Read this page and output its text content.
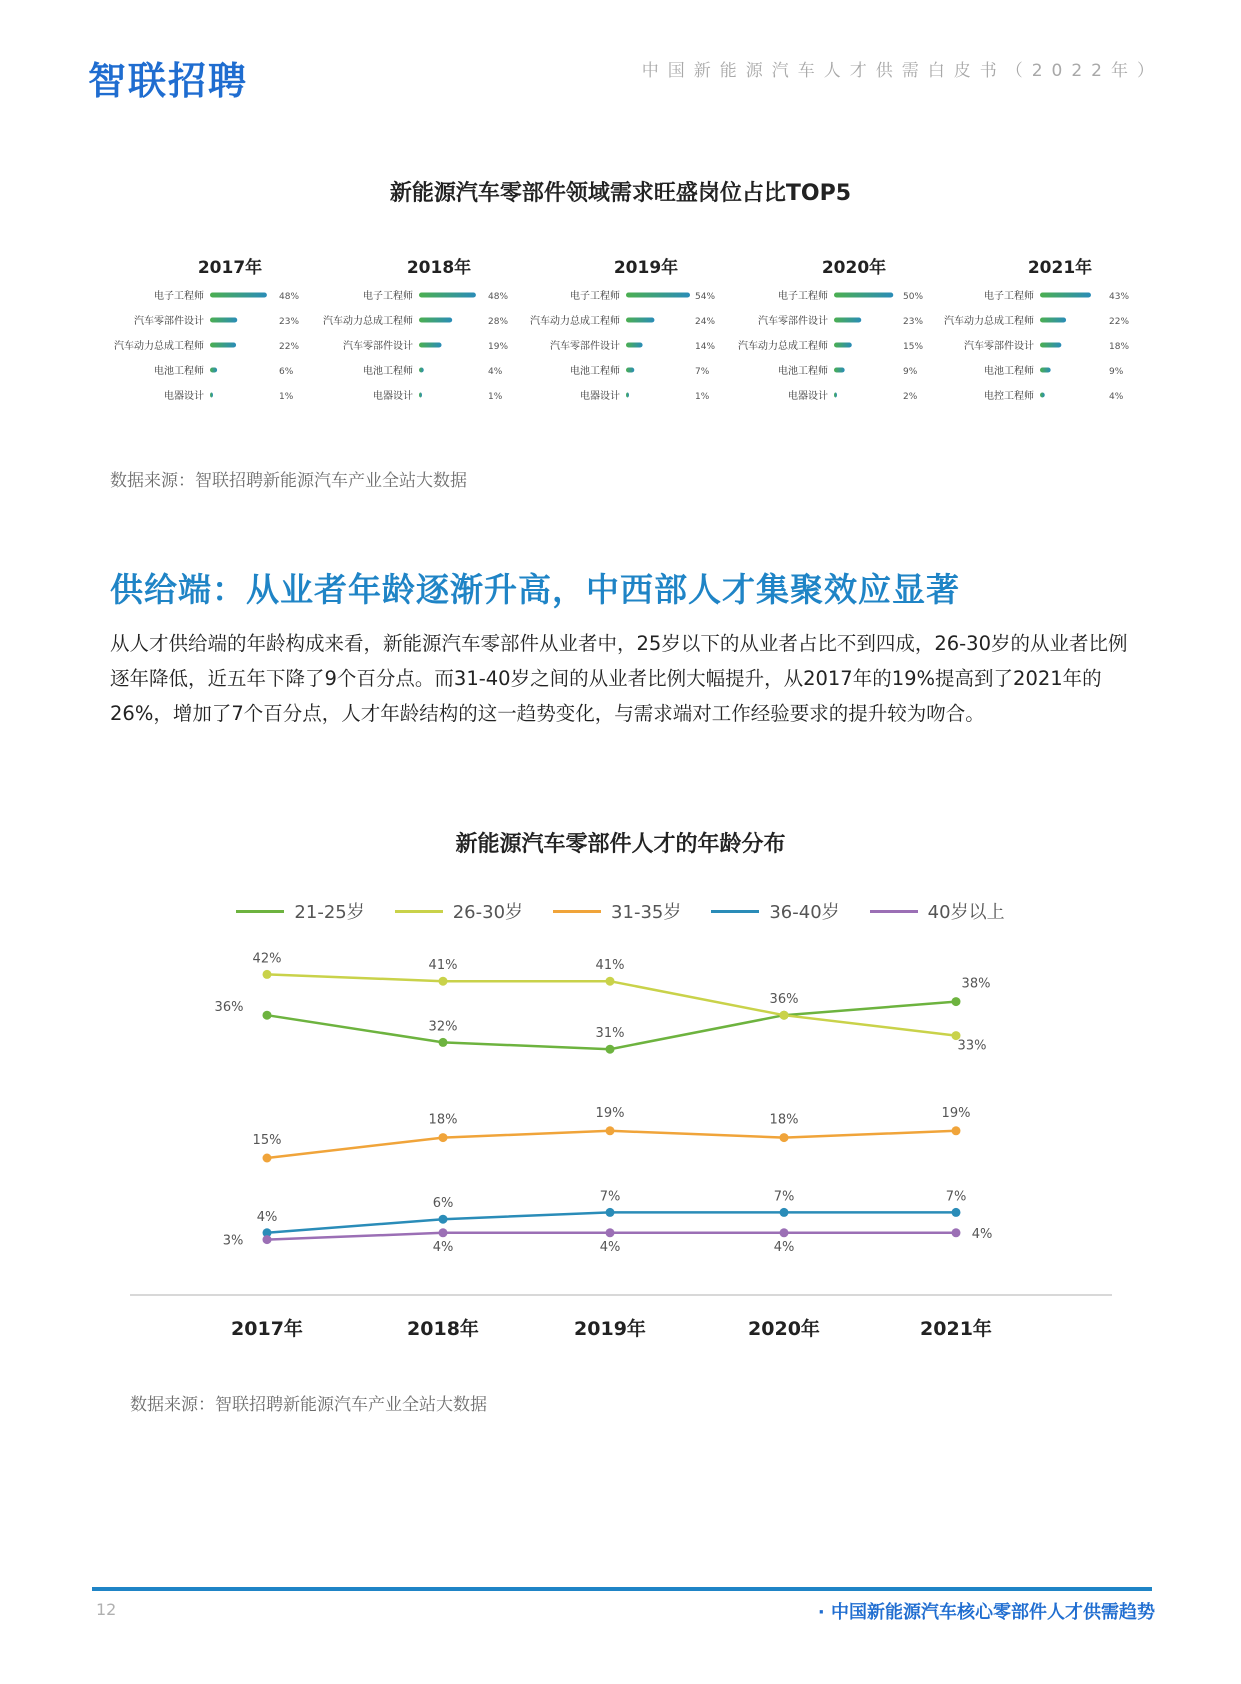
智联招聘	中国新能源汽车人才供需白皮书（2022年）
新能源汽车零部件领域需求旺盛岗位占比TOP5
2017年
电子工程师	48%
汽车零部件设计	23%
汽车动力总成工程师	22%
电池工程师	6%
电器设计	1%
2018年
电子工程师	48%
汽车动力总成工程师	28%
汽车零部件设计	19%
电池工程师	4%
电器设计	1%
2019年
电子工程师	54%
汽车动力总成工程师	24%
汽车零部件设计	14%
电池工程师	7%
电器设计	1%
2020年
电子工程师	50%
汽车零部件设计	23%
汽车动力总成工程师	15%
电池工程师	9%
电器设计	2%
2021年
电子工程师	43%
汽车动力总成工程师	22%
汽车零部件设计	18%
电池工程师	9%
电控工程师	4%
数据来源：智联招聘新能源汽车产业全站大数据
供给端：从业者年龄逐渐升高，中西部人才集聚效应显著
从人才供给端的年龄构成来看，新能源汽车零部件从业者中，25岁以下的从业者占比不到四成，26-30岁的从业者比例逐年降低，近五年下降了9个百分点。而31-40岁之间的从业者比例大幅提升，从2017年的19%提高到了2021年的26%，增加了7个百分点，人才年龄结构的这一趋势变化，与需求端对工作经验要求的提升较为吻合。
新能源汽车零部件人才的年龄分布
21-25岁	26-30岁	31-35岁	36-40岁	40岁以上
2017年	2018年	2019年	2020年	2021年
36%
32%	31%
36%
38%
42%	41%	41%
33%
15%
18%	19%	18%	19%
4%
6%	7%	7%	7%
3%	4%	4%	4%
4%
数据来源：智联招聘新能源汽车产业全站大数据
12	· 中国新能源汽车核心零部件人才供需趋势
